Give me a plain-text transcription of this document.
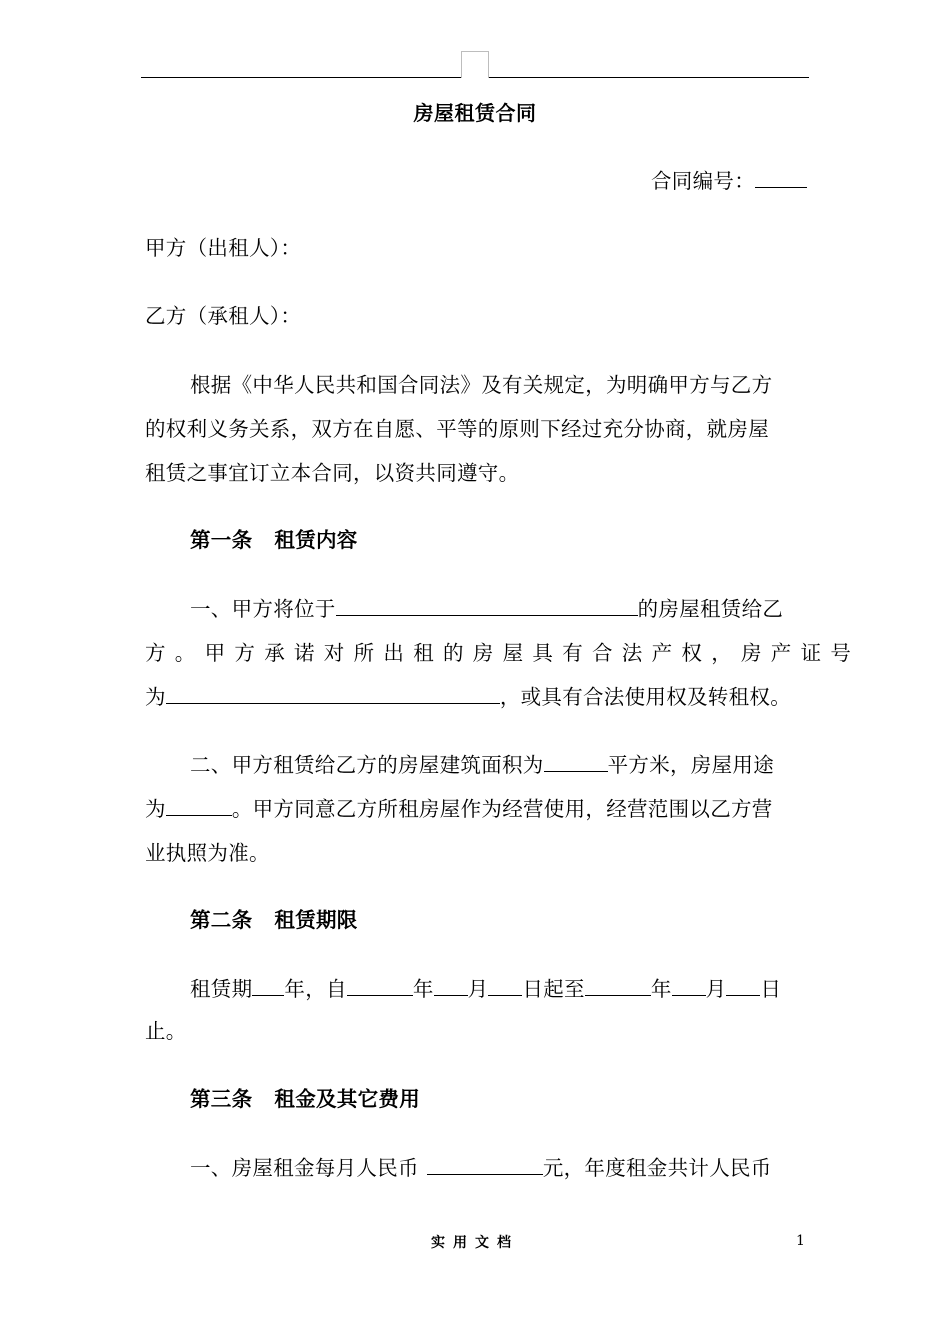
房屋租赁合同
合同编号：
甲方（出租人）：
乙方（承租人）：
根据《中华人民共和国合同法》及有关规定，为明确甲方与乙方
的权利义务关系，双方在自愿、平等的原则下经过充分协商，就房屋
租赁之事宜订立本合同，以资共同遵守。
第一条 租赁内容
一、甲方将位于	的房屋租赁给乙
方。甲方承诺对所出租的房屋具有合法产权，房产证号
为	，或具有合法使用权及转租权。
二、甲方租赁给乙方的房屋建筑面积为	平方米，房屋用途
为	。甲方同意乙方所租房屋作为经营使用，经营范围以乙方营
业执照为准。
第二条 租赁期限
租赁期 年，自	年 月 日起至	年 月 日
止。
第三条 租金及其它费用
一、房屋租金每月人民币	元，年度租金共计人民币
实用文档	1
